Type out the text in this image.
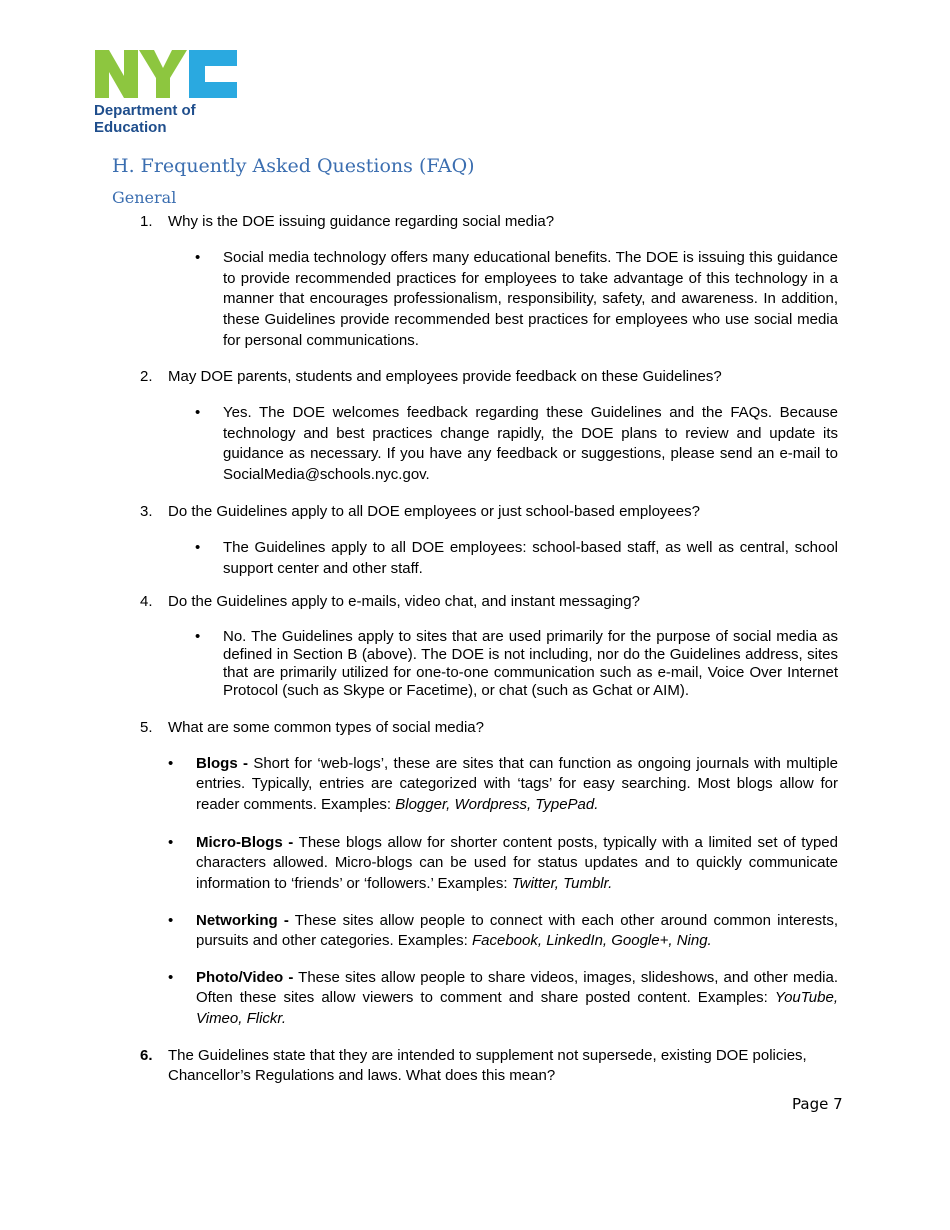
Department of
Education
H. Frequently Asked Questions (FAQ)
General
1. Why is the DOE issuing guidance regarding social media?
• Social media technology offers many educational benefits. The DOE is issuing this guidance to provide recommended practices for employees to take advantage of this technology in a manner that encourages professionalism, responsibility, safety, and awareness. In addition, these Guidelines provide recommended best practices for employees who use social media for personal communications.
2. May DOE parents, students and employees provide feedback on these Guidelines?
• Yes. The DOE welcomes feedback regarding these Guidelines and the FAQs. Because technology and best practices change rapidly, the DOE plans to review and update its guidance as necessary. If you have any feedback or suggestions, please send an e-mail to SocialMedia@schools.nyc.gov.
3. Do the Guidelines apply to all DOE employees or just school-based employees?
• The Guidelines apply to all DOE employees: school-based staff, as well as central, school support center and other staff.
4. Do the Guidelines apply to e-mails, video chat, and instant messaging?
• No. The Guidelines apply to sites that are used primarily for the purpose of social media as defined in Section B (above). The DOE is not including, nor do the Guidelines address, sites that are primarily utilized for one-to-one communication such as e-mail, Voice Over Internet Protocol (such as Skype or Facetime), or chat (such as Gchat or AIM).
5. What are some common types of social media?
• Blogs - Short for ‘web-logs’, these are sites that can function as ongoing journals with multiple entries. Typically, entries are categorized with ‘tags’ for easy searching. Most blogs allow for reader comments. Examples: Blogger, Wordpress, TypePad.
• Micro-Blogs - These blogs allow for shorter content posts, typically with a limited set of typed characters allowed. Micro-blogs can be used for status updates and to quickly communicate information to ‘friends’ or ‘followers.’ Examples: Twitter, Tumblr.
• Networking - These sites allow people to connect with each other around common interests, pursuits and other categories. Examples: Facebook, LinkedIn, Google+, Ning.
• Photo/Video - These sites allow people to share videos, images, slideshows, and other media. Often these sites allow viewers to comment and share posted content. Examples: YouTube, Vimeo, Flickr.
6. The Guidelines state that they are intended to supplement not supersede, existing DOE policies, Chancellor’s Regulations and laws. What does this mean?
Page 7
